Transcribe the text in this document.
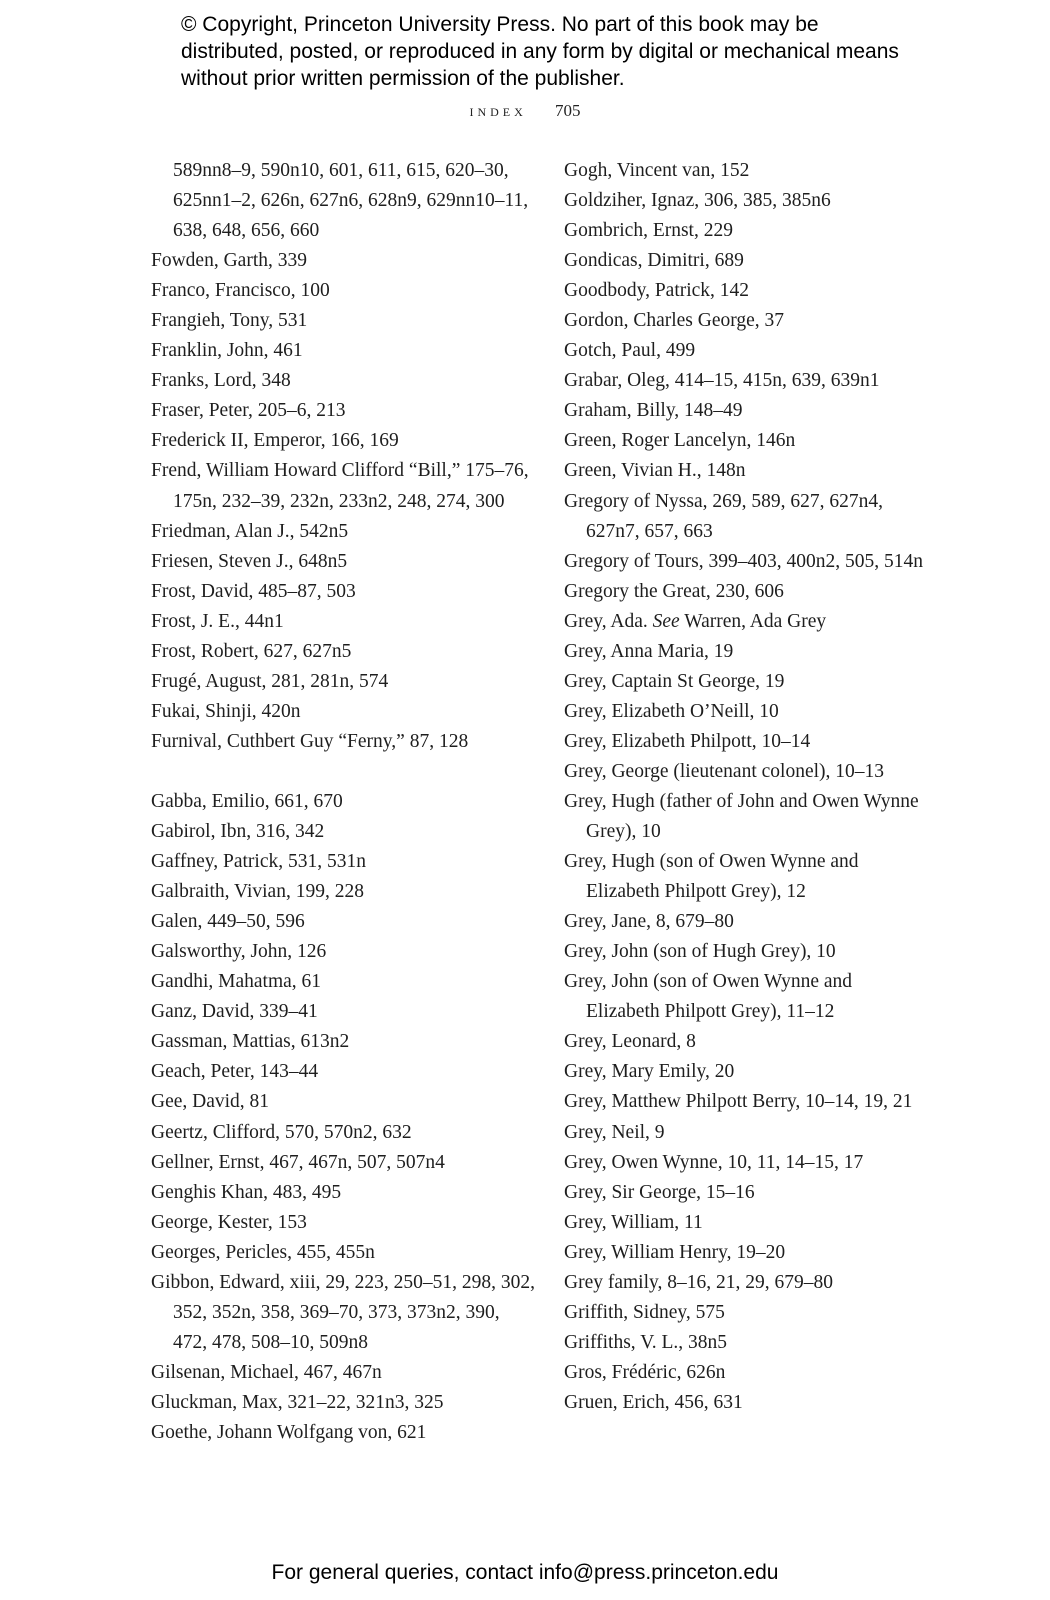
© Copyright, Princeton University Press. No part of this book may be distributed, posted, or reproduced in any form by digital or mechanical means without prior written permission of the publisher.
index 705
589nn8–9, 590n10, 601, 611, 615, 620–30, 625nn1–2, 626n, 627n6, 628n9, 629nn10–11, 638, 648, 656, 660
Fowden, Garth, 339
Franco, Francisco, 100
Frangieh, Tony, 531
Franklin, John, 461
Franks, Lord, 348
Fraser, Peter, 205–6, 213
Frederick II, Emperor, 166, 169
Frend, William Howard Clifford “Bill,” 175–76, 175n, 232–39, 232n, 233n2, 248, 274, 300
Friedman, Alan J., 542n5
Friesen, Steven J., 648n5
Frost, David, 485–87, 503
Frost, J. E., 44n1
Frost, Robert, 627, 627n5
Frugé, August, 281, 281n, 574
Fukai, Shinji, 420n
Furnival, Cuthbert Guy “Ferny,” 87, 128
Gabba, Emilio, 661, 670
Gabirol, Ibn, 316, 342
Gaffney, Patrick, 531, 531n
Galbraith, Vivian, 199, 228
Galen, 449–50, 596
Galsworthy, John, 126
Gandhi, Mahatma, 61
Ganz, David, 339–41
Gassman, Mattias, 613n2
Geach, Peter, 143–44
Gee, David, 81
Geertz, Clifford, 570, 570n2, 632
Gellner, Ernst, 467, 467n, 507, 507n4
Genghis Khan, 483, 495
George, Kester, 153
Georges, Pericles, 455, 455n
Gibbon, Edward, xiii, 29, 223, 250–51, 298, 302, 352, 352n, 358, 369–70, 373, 373n2, 390, 472, 478, 508–10, 509n8
Gilsenan, Michael, 467, 467n
Gluckman, Max, 321–22, 321n3, 325
Goethe, Johann Wolfgang von, 621
Gogh, Vincent van, 152
Goldziher, Ignaz, 306, 385, 385n6
Gombrich, Ernst, 229
Gondicas, Dimitri, 689
Goodbody, Patrick, 142
Gordon, Charles George, 37
Gotch, Paul, 499
Grabar, Oleg, 414–15, 415n, 639, 639n1
Graham, Billy, 148–49
Green, Roger Lancelyn, 146n
Green, Vivian H., 148n
Gregory of Nyssa, 269, 589, 627, 627n4, 627n7, 657, 663
Gregory of Tours, 399–403, 400n2, 505, 514n
Gregory the Great, 230, 606
Grey, Ada. See Warren, Ada Grey
Grey, Anna Maria, 19
Grey, Captain St George, 19
Grey, Elizabeth O’Neill, 10
Grey, Elizabeth Philpott, 10–14
Grey, George (lieutenant colonel), 10–13
Grey, Hugh (father of John and Owen Wynne Grey), 10
Grey, Hugh (son of Owen Wynne and Elizabeth Philpott Grey), 12
Grey, Jane, 8, 679–80
Grey, John (son of Hugh Grey), 10
Grey, John (son of Owen Wynne and Elizabeth Philpott Grey), 11–12
Grey, Leonard, 8
Grey, Mary Emily, 20
Grey, Matthew Philpott Berry, 10–14, 19, 21
Grey, Neil, 9
Grey, Owen Wynne, 10, 11, 14–15, 17
Grey, Sir George, 15–16
Grey, William, 11
Grey, William Henry, 19–20
Grey family, 8–16, 21, 29, 679–80
Griffith, Sidney, 575
Griffiths, V. L., 38n5
Gros, Frédéric, 626n
Gruen, Erich, 456, 631
For general queries, contact info@press.princeton.edu
